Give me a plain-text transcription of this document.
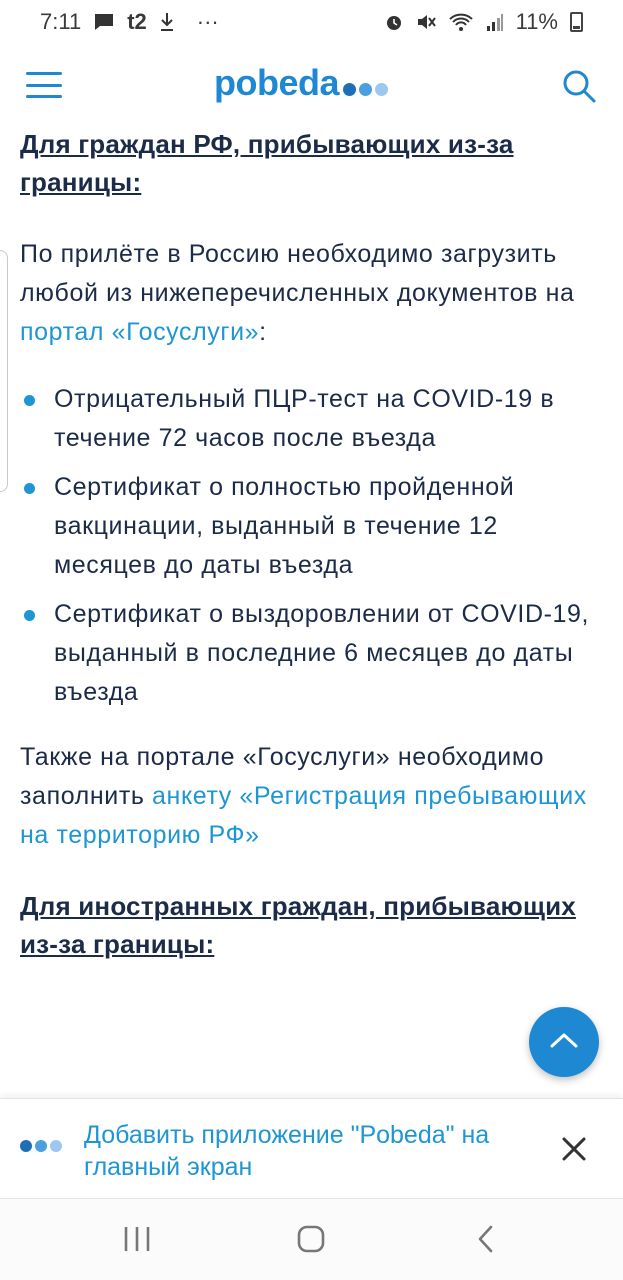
7:11 t2 ···	11%
pobeda
Для граждан РФ, прибывающих из-за границы:

По прилёте в Россию необходимо загрузить любой из нижеперечисленных документов на портал «Госуслуги»:

Отрицательный ПЦР-тест на COVID-19 в течение 72 часов после въезда
Сертификат о полностью пройденной вакцинации, выданный в течение 12 месяцев до даты въезда
Сертификат о выздоровлении от COVID-19, выданный в последние 6 месяцев до даты въезда

Также на портале «Госуслуги» необходимо заполнить анкету «Регистрация пребывающих на территорию РФ»

Для иностранных граждан, прибывающих из-за границы:
Добавить приложение "Pobeda" на главный экран
